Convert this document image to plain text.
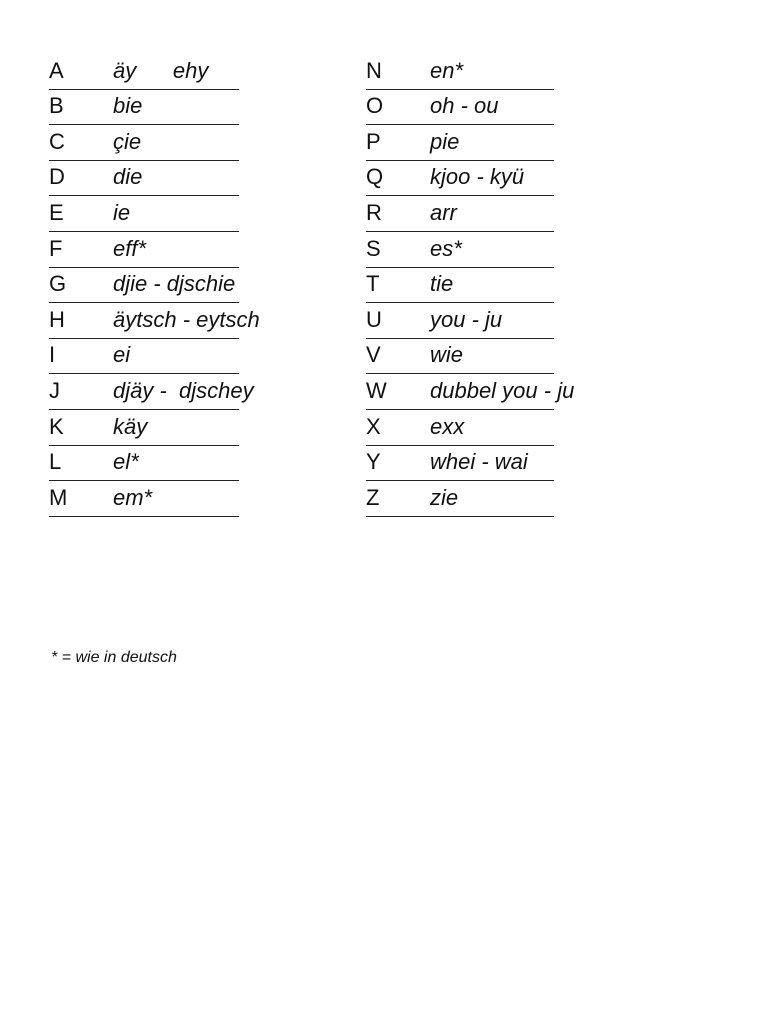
A äy      ehy
B bie
C çie
D die
E ie
F eff*
G djie - djschie
H äytsch - eytsch
I	ei
J djäy -  djschey
K käy
L el*
M em*
N en*
O oh - ou
P pie
Q kjoo - kyü
R arr
S es*
T tie
U you - ju
V wie
W dubbel you - ju
X exx
Y whei - wai
Z zie
* = wie in deutsch
